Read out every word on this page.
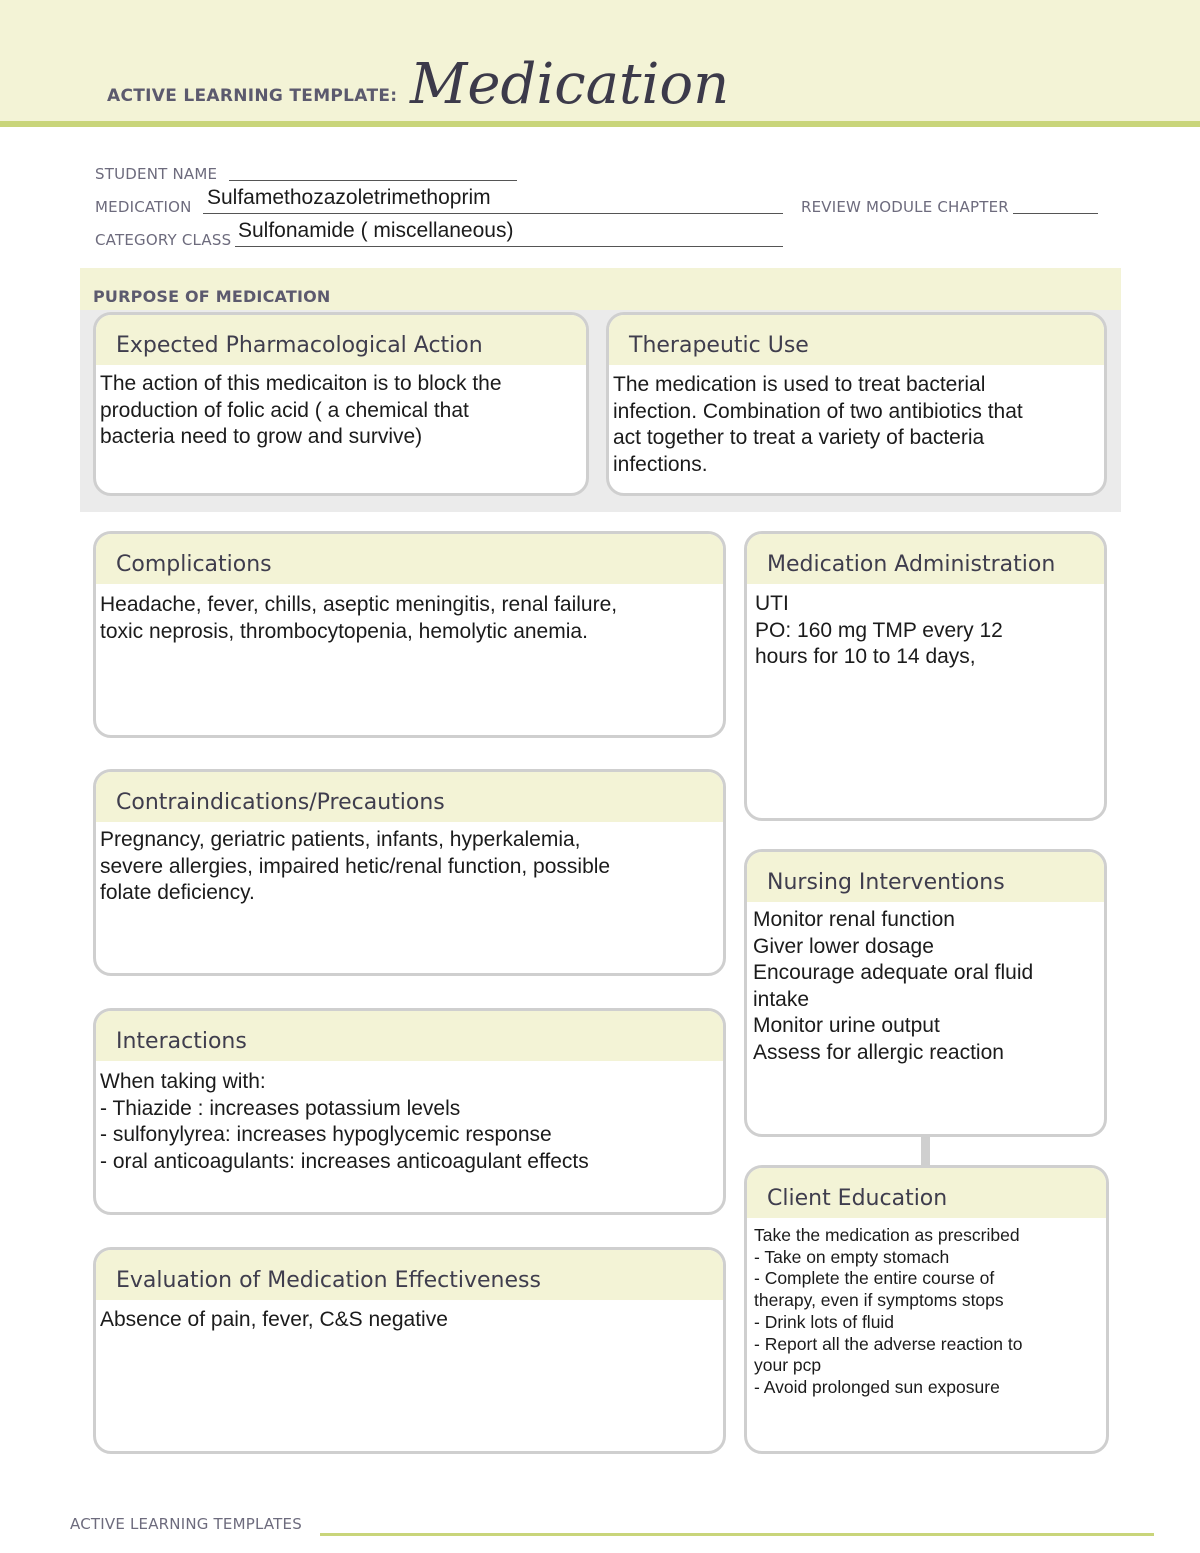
ACTIVE LEARNING TEMPLATE: Medication
STUDENT NAME
MEDICATION Sulfamethozazoletrimethoprim	REVIEW MODULE CHAPTER
CATEGORY CLASS Sulfonamide ( miscellaneous)
PURPOSE OF MEDICATION
Expected Pharmacological Action
The action of this medicaiton is to block the
production of folic acid ( a chemical that
bacteria need to grow and survive)
Therapeutic Use
The medication is used to treat bacterial
infection. Combination of two antibiotics that
act together to treat a variety of bacteria
infections.
Complications
Headache, fever, chills, aseptic meningitis, renal failure,
toxic neprosis, thrombocytopenia, hemolytic anemia.
Contraindications/Precautions
Pregnancy, geriatric patients, infants, hyperkalemia,
severe allergies, impaired hetic/renal function, possible
folate deficiency.
Interactions
When taking with:
- Thiazide : increases potassium levels
- sulfonylyrea: increases hypoglycemic response
- oral anticoagulants: increases anticoagulant effects
Evaluation of Medication Effectiveness
Absence of pain, fever, C&S negative
Medication Administration
UTI
PO: 160 mg TMP every 12
hours for 10 to 14 days,
Nursing Interventions
Monitor renal function
Giver lower dosage
Encourage adequate oral fluid
intake
Monitor urine output
Assess for allergic reaction
Client Education
Take the medication as prescribed
- Take on empty stomach
- Complete the entire course of
therapy, even if symptoms stops
- Drink lots of fluid
- Report all the adverse reaction to
your pcp
- Avoid prolonged sun exposure
ACTIVE LEARNING TEMPLATES
